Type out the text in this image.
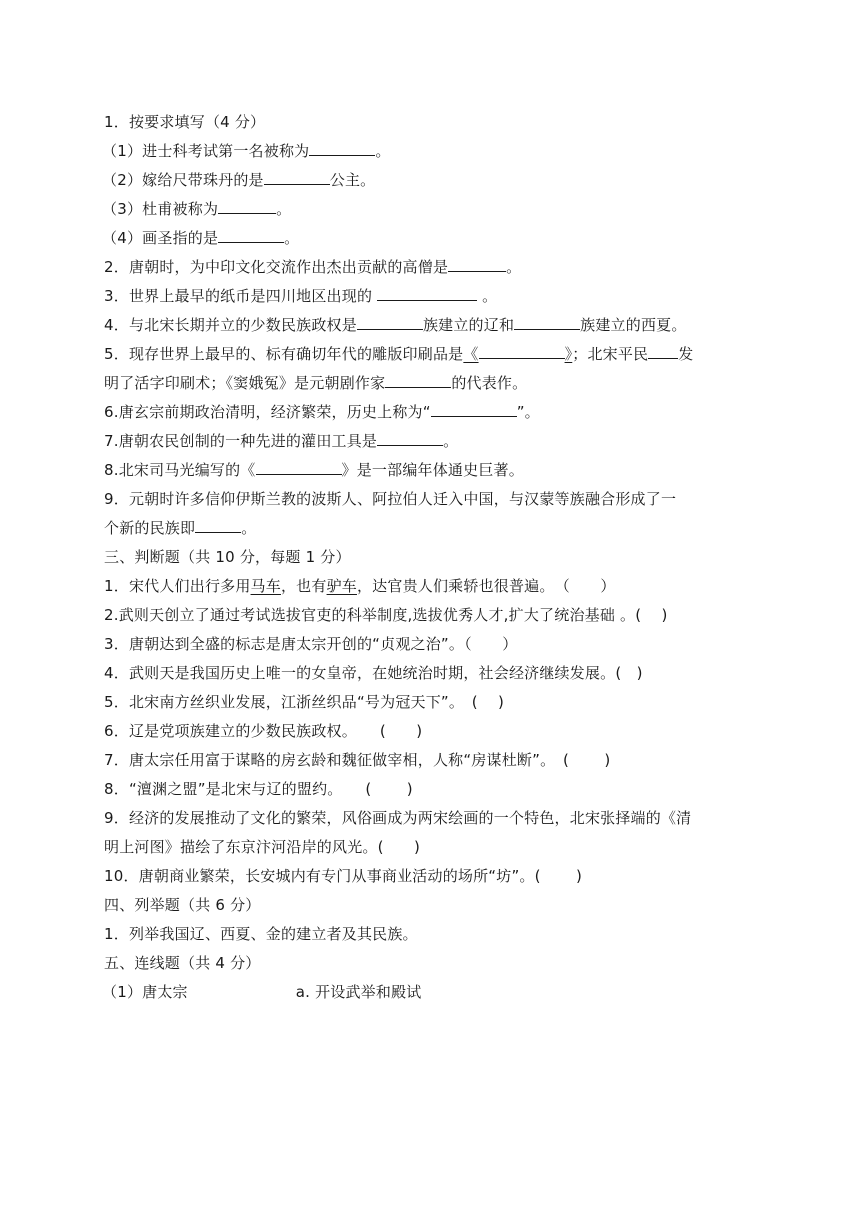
1．按要求填写（4 分）
（1）进士科考试第一名被称为	。
（2）嫁给尺带珠丹的是	公主。
（3）杜甫被称为	。
（4）画圣指的是	。
2．唐朝时，为中印文化交流作出杰出贡献的高僧是	。
3．世界上最早的纸币是四川地区出现的	。
4．与北宋长期并立的少数民族政权是	族建立的辽和	族建立的西夏。
5．现存世界上最早的、标有确切年代的雕版印刷品是《	》；北宋平民 发
明了活字印刷术；《窦娥冤》是元朝剧作家	的代表作。
6.唐玄宗前期政治清明，经济繁荣，历史上称为“	”。
7.唐朝农民创制的一种先进的灌田工具是	。
8.北宋司马光编写的《	》是一部编年体通史巨著。
9．元朝时许多信仰伊斯兰教的波斯人、阿拉伯人迁入中国，与汉蒙等族融合形成了一
个新的民族即	。
三、判断题（共 10 分，每题 1 分）
1．宋代人们出行多用马车，也有驴车，达官贵人们乘轿也很普遍。　（　　）
2.武则天创立了通过考试选拔官吏的科举制度,选拔优秀人才,扩大了统治基础 。(　 )
3．唐朝达到全盛的标志是唐太宗开创的“贞观之治”。（　　）
4．武则天是我国历史上唯一的女皇帝，在她统治时期，社会经济继续发展。(　)
5．北宋南方丝织业发展，江浙丝织品“号为冠天下”。　(　 )
6．辽是党项族建立的少数民族政权。　　(　　)
7．唐太宗任用富于谋略的房玄龄和魏征做宰相，人称“房谋杜断”。　(　　 )
8．“澶渊之盟”是北宋与辽的盟约。　　(　　 )
9．经济的发展推动了文化的繁荣，风俗画成为两宋绘画的一个特色，北宋张择端的《清
明上河图》描绘了东京汴河沿岸的风光。(　　)
10．唐朝商业繁荣，长安城内有专门从事商业活动的场所“坊”。(　　 )
四、列举题（共 6 分）
1．列举我国辽、西夏、金的建立者及其民族。
五、连线题（共 4 分）
（1）唐太宗	a. 开设武举和殿试
